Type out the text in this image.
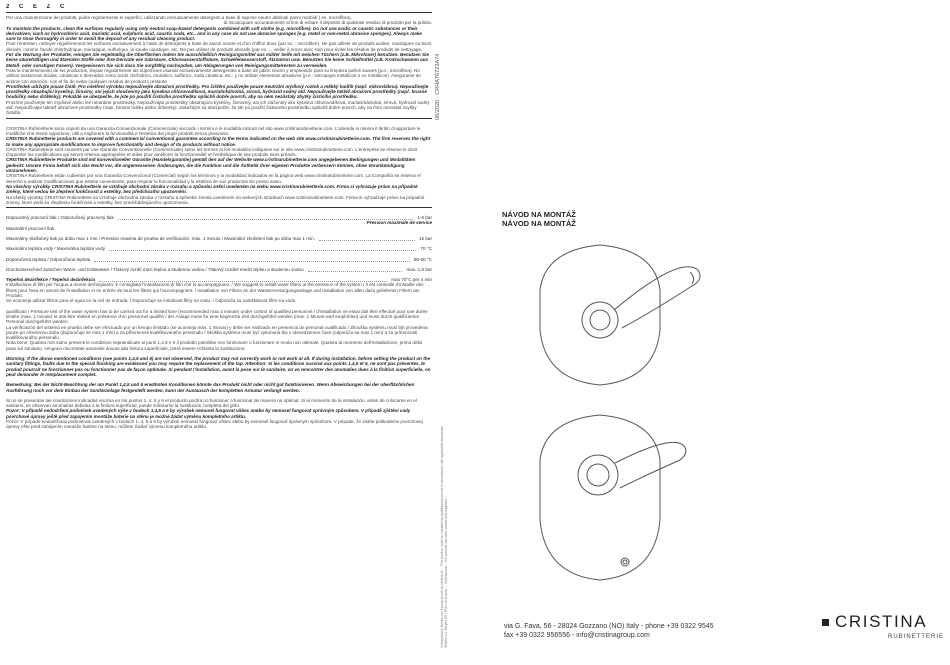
2 Č E Ž Č

Per una manutenzione dei prodotti, pulire regolarmente le superfici, utilizzando esclusivamente detergenti a base di sapone neutro abbinati panni morbidi ( es. microfibra).

di risciacquare accuratamente al fine di evitare il deposito di qualsiasi residuo di prodotto per la pulizia.

To maintain the products, clean the surfaces regularly using only neutral soap-based detergents combined with soft cloths (e.g. microfibre). Do not use acidic or caustic substances or their derivatives, such as hydrochloric acid, muriatic acid, sulphuric acid, caustic soda, etc., and in any case do not use abrasive sponges (e.g. metal or non-metal abrasive sponges). Always make sure to rinse thoroughly in order to avoid the deposit of any residual cleaning product.

Pour l'entretien, nettoyer régulièrement les surfaces exclusivement à l'aide de détergents à base de savon neutre et d'un chiffon doux (par ex. : microfibre). Ne pas utiliser de produits acides, caustiques ou leurs dérivés, comme l'acide chlorhydrique, muriatique, sulfurique, la soude caustique, etc. Ne pas utiliser de produits abrasifs (par ex. ... veiller à rincer avec soin pour éviter les résidus de produits de nettoyage.

Für die Wartung der Produkte, reinigen Sie regelmäßig die Oberflächen indem Sie ausschließlich Reinigungsmittel aus milder Seife mit weichen Tüchern (z.B. Mikrofaser) benutzen. Benutzen Sie keine säurehältigen und ätzenden Stoffe oder ihre Derivate wie Salzsäure, Chlorwasserstoffsäure, Schwefelwasserstoff, Ätznatron usw. Benutzen Sie keine Schleifmittel (z.B. Kratzschwamm aus Metall- oder sonstigen Fasern). Vergewissern Sie sich dass Sie sorgfältig nachspülen, um Ablagerungen von Reinigungsmittelresten zu vermeiden.

Para la mantenimiento de los productos, limpiar regularmente las superficies usando exclusivamente detergentes a base de jabón neutro y empleando para su limpieza paños suaves (p.e.: microfibra). No utilizar sustancias ácidas, cáusticas o derivados como ácido clorhídrico, muriático, sulfúrico, soda cáustica, etc.; y no utilizar elementos abrasivos (p.e.: estropajos metálicos o no metálicos). Asegurarse de aclarar con atención, con el fin de evitar cualquier residuo de producto restante.

Prostředek udržujte pouze čistě. Pro ošetření výrobku nepoužívejte abrazivní prostředky. Pro čištění používejte pouze neutrální mýdlový roztok a měkký hadřík (např. mikrovláknu). Nepoužívejte prostředky obsahující kyseliny, žíraviny, ani jejich sloučeniny jako kyselina chlorovodíková, muriatická/solná, sírová, hydroxid sodný atd. Nepoužívejte taktéž abrazivní prostředky (např. brusné houbičky nebo drátěnky). Pokaždé se ubezpečte, že jste po použití čisticího prostředku opláchli dobře povrch, aby na něm nezůstaly zbytky čisticího prostředku.

Prosíme používejte len mydlové alebo iné neutrálne prostriedky. Nepoužívajte prostriedky obsahujúce kyseliny, žieraviny, ani ich zlúčeniny ako kyselina chlorovodíková, muriatická/solná, sírová, hydroxid sodný atď. Nepoužívajte taktiež abrazívne prostriedky (napr. brúsne hubky alebo drôtenky). Zakaždým sa ubezpečte, že ste po použití čistiaceho prostriedku opláchli dobre povrch, aby na ňom nezostali zvyšky čistidla.

CRISTINA Rubinetterie sono coperti da una Garanzia Convenzionale (Commerciale) secondo i termini e le modalità indicati nel sito www.cristinarubinetterie.com. L'azienda si riserva il diritto di apportare le modifiche che riterrà opportune, utili a migliorare la funzionalità e l'estetica dei propri prodotti senza preavviso.

CRISTINA Rubinetterie products are covered with a commercial conventional guarantee according to the terms indicated on the web site www.cristinarubinetterie.com. The firm reserves the right to make any appropriate modifications to improve functionality and design of its products without notice.

CRISTINA Rubinetterie sont couverts par une Garantie Conventionnelle (Commerciale) selon les termes et les modalités indiquées sur le site www.cristinarubinetterie.com. L'entreprise se réserve le droit d'apporter les modifications qui seront retenus appropriées et utiles pour améliorer la fonctionnalité et l'esthétique de ses produits sans préavis.

CRISTINA Rubinetterie Produkte sind mit konventioneller Garantie (Handelsgarantie) gemäß den auf der Website www.cristinarubinetterie.com angegebenen Bedingungen und Modalitäten gedeckt. Unsere Firma behält sich das Recht vor, die angemessenen Änderungen, die die Funktion und die Ästhetik ihrer eigenen Produkte verbessern können, ohne Vorankündigung vorzunehmen.

CRISTINA Rubinetterie están cubiertos por una Garantía Convencional (Comercial) según los términos y la modalidad indicados en la página web www.cristinarubinetterie.com. La Compañía se reserva el derecho a realizar modificaciones que estime conveniente, para mejorar la funcionalidad y la estética de sus productos sin previo aviso.

Na všechny výrobky CRISTINA Rubinetterie se vztahuje obchodní záruka v rozsahu a způsobu zněni uvedeném na webu www.cristinarubinetterie.com. Firma si vyhrazuje právo na případné změny, které vedou ke zlepšení funkčnosti a estetiky, bez předchozího upozornění.

Na všetky výrobky CRISTINA Rubinetterie sa vzťahuje obchodná záruka v rozsahu a spôsobe znenia uvedenom na webových stránkach www.cristinarubinetterie.com. Firma si vyhradzuje právo na prípadné zmeny, ktoré vedú ku zlepšeniu funkčnosti a estetiky, bez predchádzajúceho upozornenia.

Dopouzdný pracovní tlak / Odporučaný pracovný tlak	1-5 bar
Pression maximale de service
Maximální pracovní tlak
Maximálny skúšobný tlak po dobu max 1 min / Pression maxima de prueba de verificación, máx. 1 minuto / Maximální zkušební tlak po dobu max 1 min.	16 bar
Maximální teplota vody / Maximálna teplota vody	70 °C
Doporučená teplota / Odporúčaná teplota	50-60 °C
Druckunterschied zwischen Warm- und Kaltwasser / Tlakový rozdíl mezi teplou a studenou vodou / Tlakový rozdiel medzi teplou a studenou vodou	max. 1,5 bar
Tepelná dezinfekce / Tepelná dezinfekcia	max 70°C per 4 min

Installazione di filtri per l'acqua a monte dell'impianto: è consigliata l'installazione di filtri che lo accompagnano. / We suggest to install water filters at the entrance of the system / Il est conseillé d'installer des filtres pour l'eau en amont de l'installation et en entrée de tous les filtres qui l'accompagnent. / Installation von Filtern an der Wasserversorgungsanlage und Installation von allen dazu gelieferten Filtern am Produkt.

Se aconseja utilizar filtros para el agua en la red de entrada. / Doporučuje se instalovat filtry na vodu. / Odporúča sa nainštalovať filtre na vodu.

qualificato / Pressure test of the water system has to be carried out for a limited time (recommended max 1 minute) under control of qualified personnel / d'installation ne essai doit être effectué pour une durée limitée (max. 1 minute) et doit être réalisé en présence d'un personnel qualifié / der Anlage muss für eine begrenzte Zeit durchgeführt werden (max. 1 Minute wird empfohlen) und muss durch qualifiziertes Personal durchgeführt werden.

La verificación del sistema en prueba debe ser efectuado por un tiempo limitado (se aconseja máx. 1 minuto) y debe ser realizado en presencia de personal cualificado / Zkouška systému musí být provedena pouze po omezenou dobu (doporučuje se max 1 min) a za přítomnosti kvalifikovaného personálu / Skúška systému musí byť vykonaná iba v obmedzenom čase (odporúča sa max 1 min) a za prítomnosti kvalifikovaného personálu.

Nota bene: Qualora non siano presenti le condizioni sopraindicate ai punti 1,4,5 e 6 il prodotto potrebbe non funzionare o funzionare in modo non ottimale. Qualora al momento dell'installazione, prima della posa sul sanitario, vengano riscontrate anomalie dovute alla finitura superficiale, potrà essere richiesta la sostituzione.

Warning: If the above mentioned conditions (see points 1,4,5 and 6) are not observed, the product may not correctly work or not work at all. If during installation, before setting the product on the sanitary fittings, faults due to the special finishing are evidenced you may require the replacement of the tap. Attention: Si les conditions susvisé aux points 1,4,5 et 6, ne sont pas présentes, le produit pourrait ne fonctionner pas ou fonctionner pas de façon optimale. Si pendant l'installation, avant la pose sur le sanitaire, on va rencontrer des anomalies dues à la finition superficielle, on peut demander le remplacement complet.

Bemerkung: Bei der Nicht-Beachtung der am Punkt 1,4,5 und 6 erwähnten Konditionen könnte das Produkt nicht oder nicht gut funktionieren. Wenn Abweichungen bei der oberflächlichen Ausführung noch vor dem Einbau der Sanitäranlage festgestellt werden, kann der Austausch der kompletten Armatur verlangt werden.

Si no se presentan las condiciones indicadas encima en los puntos 1, 4, 5 y 6 el producto podría no funcionar o funcionar de manera no optimal. Si al momento de la instalación, antes de colocarse en el sanitario, se observan anomalías debidas a la finitura superficial, puede solicitarse la sustitución completa del grifo.

Pozor: V případě nedodržení podmínek uvedených výše v bodech 1,4,5 a 6 by výrobek nemusel fungovat vůbec anebo by nemusel fungovat správným způsobem. V případě zjištění vady povrchové úpravy ještě před zapojením montáže baterie na stěnu je možné žádat výměnu kompletního artiklu.

Pozor: V prípade nedodržania podmienok uvedených v bodoch 1, 4, 5 a 6 by výrobok nemusel fungovať vôbec alebo by nemusel fungovať správnym spôsobom. V prípade, že zistíte poškodenie povrchovej úpravy ešte pred zahájením montáže batérie na stenu, môžete žiadať výmenu kompletného artiklu.

06/2020 - CRHAT6723A74
*Integrazione fornite con il prodotto per la verifica di ... The product must be installed by qualified personnel in accordance with applicable standards. *Bolero Il.1 Tacyes E2 / Plis L di Grazie, ... Ordinances ... the product has been tested and supplied ... .
NÁVOD NA MONTÁŽ
NÁVOD NA MONTÁŽ
via G. Fava, 56 - 28024 Gozzano (NO) Italy - phone +39 0322 9545
fax +39 0322 956556 - info@cristinagroup.com
CRISTINA
RUBINETTERIE
